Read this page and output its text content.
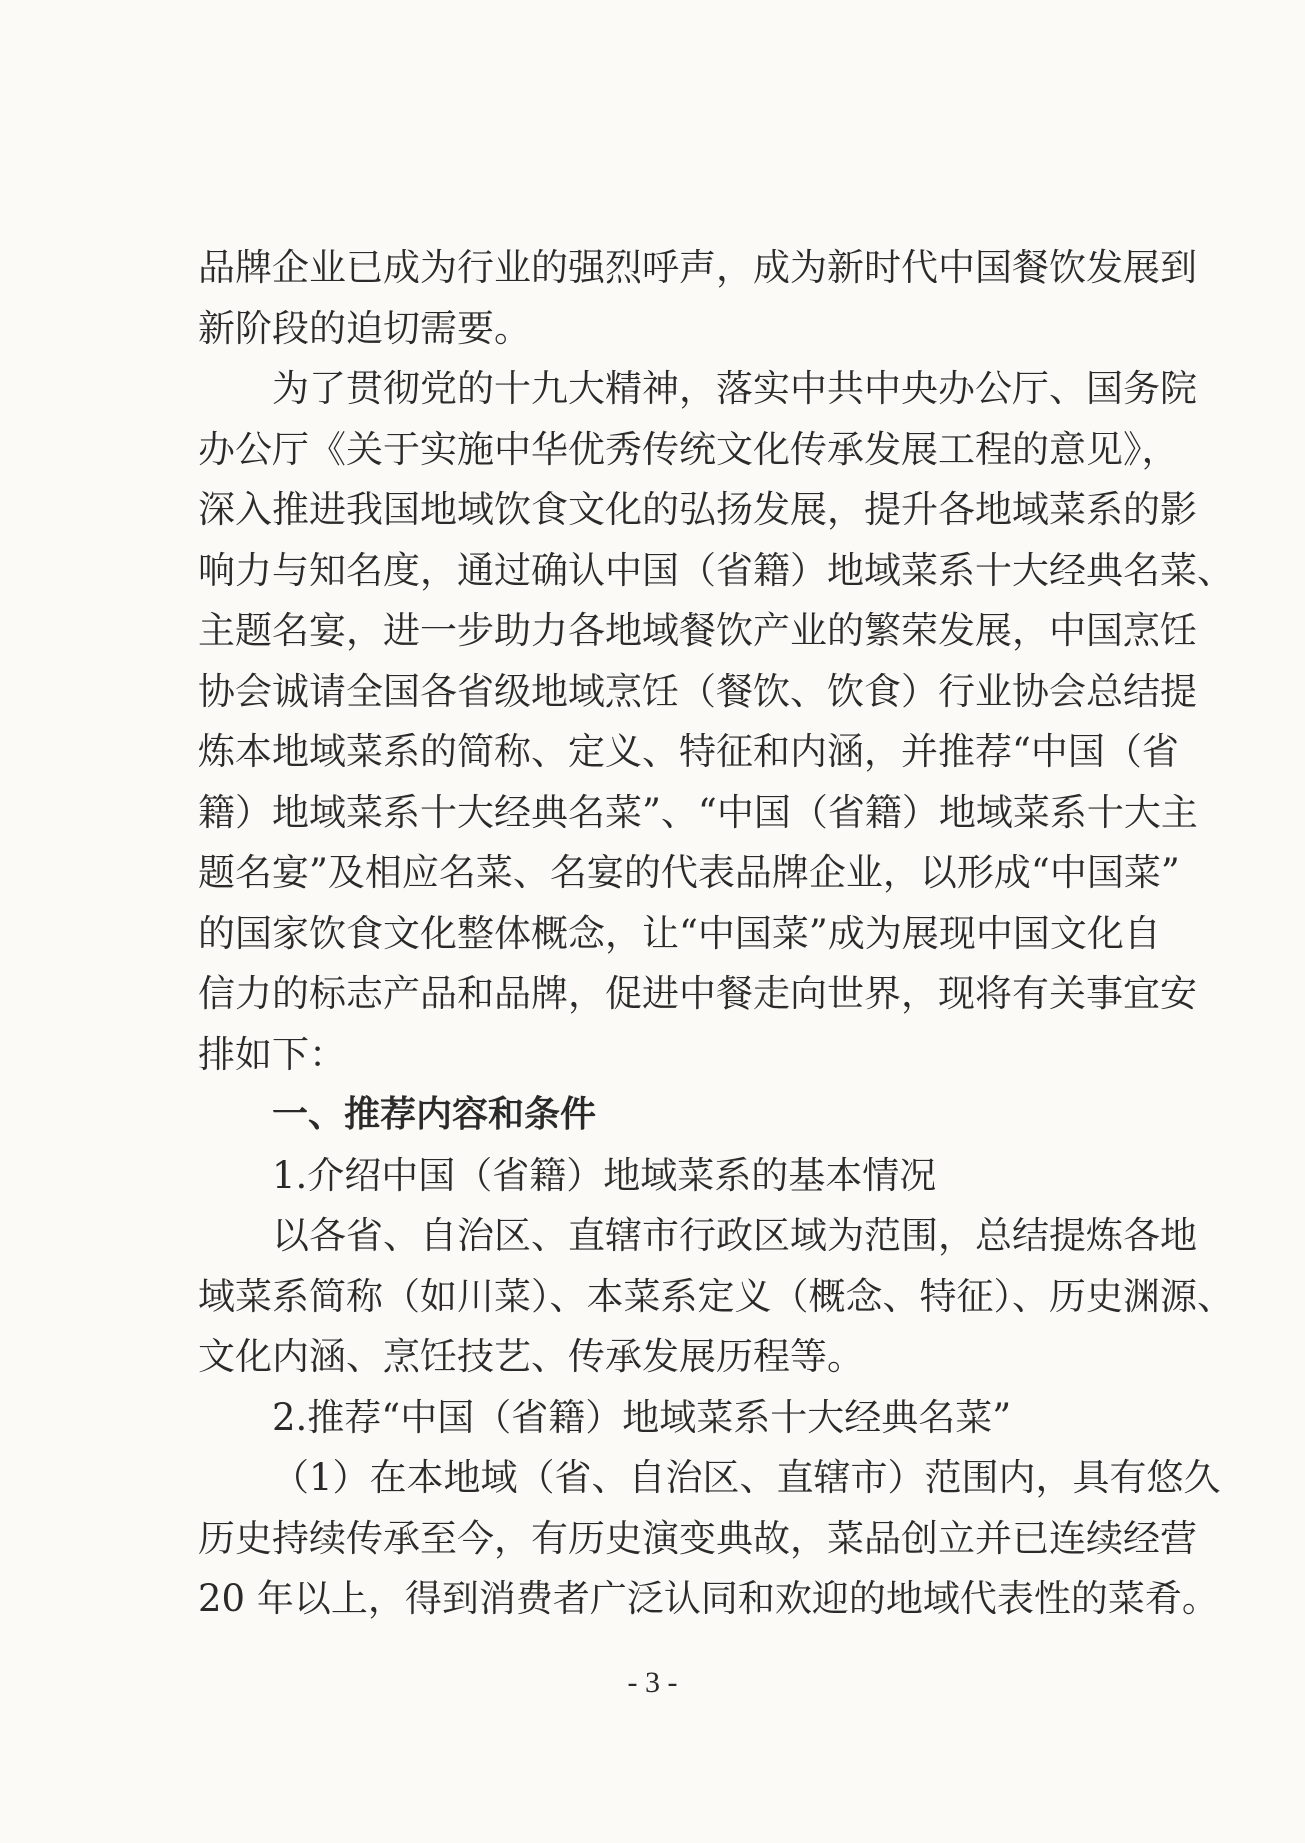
品牌企业已成为行业的强烈呼声，成为新时代中国餐饮发展到
新阶段的迫切需要。
为了贯彻党的十九大精神，落实中共中央办公厅、国务院
办公厅《关于实施中华优秀传统文化传承发展工程的意见》，
深入推进我国地域饮食文化的弘扬发展，提升各地域菜系的影
响力与知名度，通过确认中国（省籍）地域菜系十大经典名菜、
主题名宴，进一步助力各地域餐饮产业的繁荣发展，中国烹饪
协会诚请全国各省级地域烹饪（餐饮、饮食）行业协会总结提
炼本地域菜系的简称、定义、特征和内涵，并推荐“中国（省
籍）地域菜系十大经典名菜”、“中国（省籍）地域菜系十大主
题名宴”及相应名菜、名宴的代表品牌企业，以形成“中国菜”
的国家饮食文化整体概念，让“中国菜”成为展现中国文化自
信力的标志产品和品牌，促进中餐走向世界，现将有关事宜安
排如下：
一、推荐内容和条件
1.介绍中国（省籍）地域菜系的基本情况
以各省、自治区、直辖市行政区域为范围，总结提炼各地
域菜系简称（如川菜）、本菜系定义（概念、特征）、历史渊源、
文化内涵、烹饪技艺、传承发展历程等。
2.推荐“中国（省籍）地域菜系十大经典名菜”
（1）在本地域（省、自治区、直辖市）范围内，具有悠久
历史持续传承至今，有历史演变典故，菜品创立并已连续经营
20 年以上，得到消费者广泛认同和欢迎的地域代表性的菜肴。
- 3 -
